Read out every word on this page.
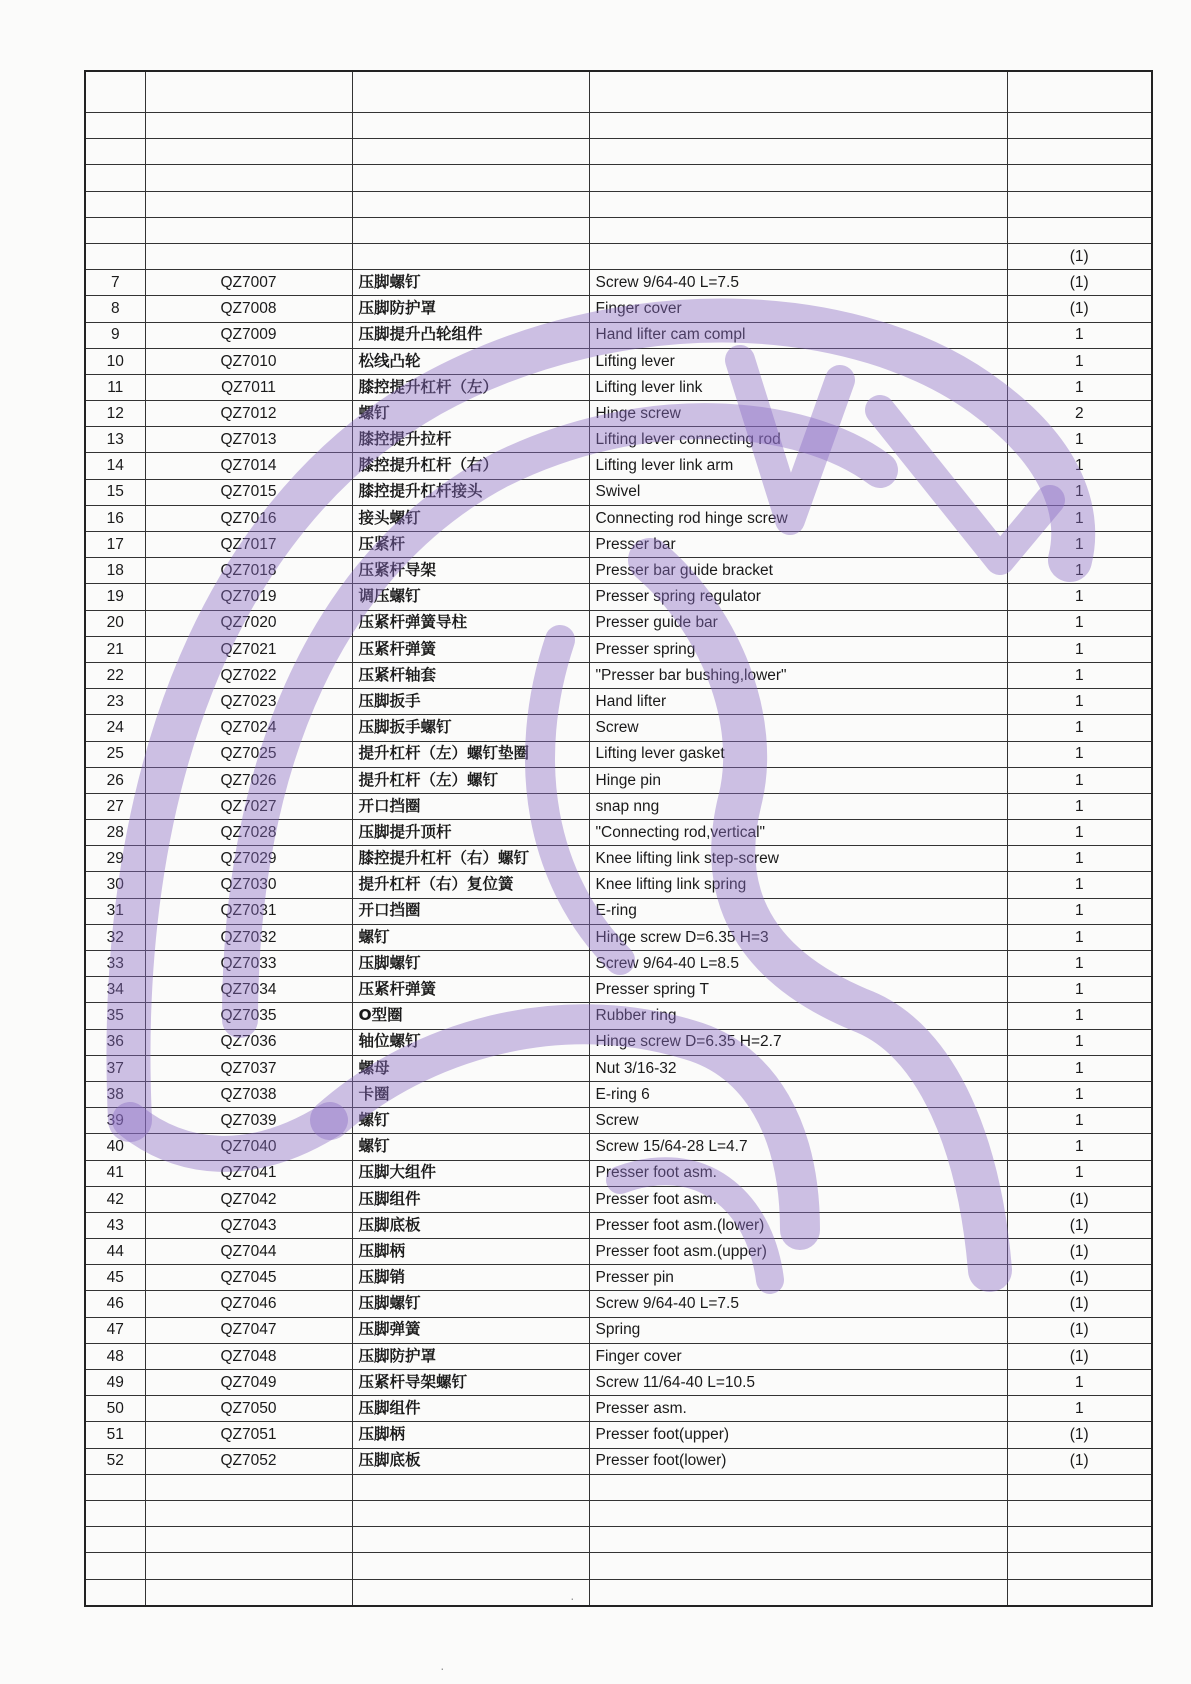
				(1)
7	QZ7007	压脚螺钉	Screw 9/64-40 L=7.5	(1)
8	QZ7008	压脚防护罩	Finger cover	(1)
9	QZ7009	压脚提升凸轮组件	Hand lifter cam compl	1
10	QZ7010	松线凸轮	Lifting lever	1
11	QZ7011	膝控提升杠杆（左）	Lifting lever link	1
12	QZ7012	螺钉	Hinge screw	2
13	QZ7013	膝控提升拉杆	Lifting lever connecting rod	1
14	QZ7014	膝控提升杠杆（右）	Lifting lever link arm	1
15	QZ7015	膝控提升杠杆接头	Swivel	1
16	QZ7016	接头螺钉	Connecting rod hinge screw	1
17	QZ7017	压紧杆	Presser bar	1
18	QZ7018	压紧杆导架	Presser bar guide bracket	1
19	QZ7019	调压螺钉	Presser spring regulator	1
20	QZ7020	压紧杆弹簧导柱	Presser guide bar	1
21	QZ7021	压紧杆弹簧	Presser spring	1
22	QZ7022	压紧杆轴套	"Presser bar bushing,lower"	1
23	QZ7023	压脚扳手	Hand lifter	1
24	QZ7024	压脚扳手螺钉	Screw	1
25	QZ7025	提升杠杆（左）螺钉垫圈	Lifting lever gasket	1
26	QZ7026	提升杠杆（左）螺钉	Hinge pin	1
27	QZ7027	开口挡圈	snap nng	1
28	QZ7028	压脚提升顶杆	"Connecting rod,vertical"	1
29	QZ7029	膝控提升杠杆（右）螺钉	Knee lifting link step-screw	1
30	QZ7030	提升杠杆（右）复位簧	Knee lifting link spring	1
31	QZ7031	开口挡圈	E-ring	1
32	QZ7032	螺钉	Hinge screw D=6.35 H=3	1
33	QZ7033	压脚螺钉	Screw 9/64-40 L=8.5	1
34	QZ7034	压紧杆弹簧	Presser spring T	1
35	QZ7035	O型圈	Rubber ring	1
36	QZ7036	轴位螺钉	Hinge screw D=6.35 H=2.7	1
37	QZ7037	螺母	Nut 3/16-32	1
38	QZ7038	卡圈	E-ring 6	1
39	QZ7039	螺钉	Screw	1
40	QZ7040	螺钉	Screw 15/64-28 L=4.7	1
41	QZ7041	压脚大组件	Presser foot asm.	1
42	QZ7042	压脚组件	Presser foot asm.	(1)
43	QZ7043	压脚底板	Presser foot asm.(lower)	(1)
44	QZ7044	压脚柄	Presser foot asm.(upper)	(1)
45	QZ7045	压脚销	Presser pin	(1)
46	QZ7046	压脚螺钉	Screw 9/64-40 L=7.5	(1)
47	QZ7047	压脚弹簧	Spring	(1)
48	QZ7048	压脚防护罩	Finger cover	(1)
49	QZ7049	压紧杆导架螺钉	Screw 11/64-40 L=10.5	1
50	QZ7050	压脚组件	Presser asm.	1
51	QZ7051	压脚柄	Presser foot(upper)	(1)
52	QZ7052	压脚底板	Presser foot(lower)	(1)

·
·
